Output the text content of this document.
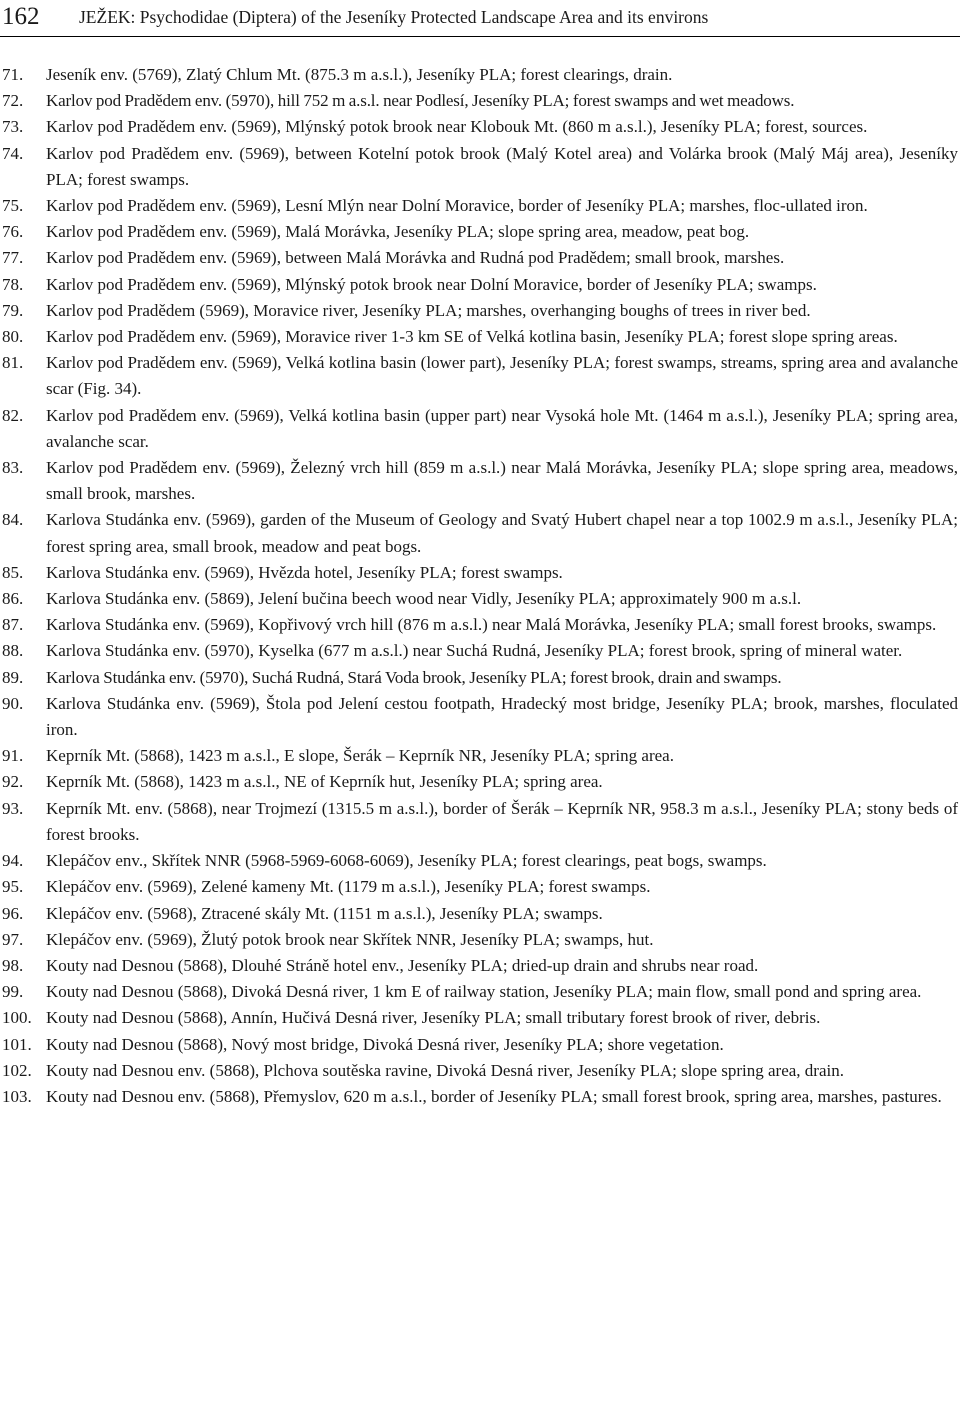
162 JEŽEK: Psychodidae (Diptera) of the Jeseníky Protected Landscape Area and its environs
71. Jeseník env. (5769), Zlatý Chlum Mt. (875.3 m a.s.l.), Jeseníky PLA; forest clearings, drain.
72. Karlov pod Pradědem env. (5970), hill 752 m a.s.l. near Podlesí, Jeseníky PLA; forest swamps and wet meadows.
73. Karlov pod Pradědem env. (5969), Mlýnský potok brook near Klobouk Mt. (860 m a.s.l.), Jeseníky PLA; forest, sources.
74. Karlov pod Pradědem env. (5969), between Kotelní potok brook (Malý Kotel area) and Volárka brook (Malý Máj area), Jeseníky PLA; forest swamps.
75. Karlov pod Pradědem env. (5969), Lesní Mlýn near Dolní Moravice, border of Jeseníky PLA; marshes, floc-ullated iron.
76. Karlov pod Pradědem env. (5969), Malá Morávka, Jeseníky PLA; slope spring area, meadow, peat bog.
77. Karlov pod Pradědem env. (5969), between Malá Morávka and Rudná pod Pradědem; small brook, marshes.
78. Karlov pod Pradědem env. (5969), Mlýnský potok brook near Dolní Moravice, border of Jeseníky PLA; swamps.
79. Karlov pod Pradědem (5969), Moravice river, Jeseníky PLA; marshes, overhanging boughs of trees in river bed.
80. Karlov pod Pradědem env. (5969), Moravice river 1-3 km SE of Velká kotlina basin, Jeseníky PLA; forest slope spring areas.
81. Karlov pod Pradědem env. (5969), Velká kotlina basin (lower part), Jeseníky PLA; forest swamps, streams, spring area and avalanche scar (Fig. 34).
82. Karlov pod Pradědem env. (5969), Velká kotlina basin (upper part) near Vysoká hole Mt. (1464 m a.s.l.), Jeseníky PLA; spring area, avalanche scar.
83. Karlov pod Pradědem env. (5969), Železný vrch hill (859 m a.s.l.) near Malá Morávka, Jeseníky PLA; slope spring area, meadows, small brook, marshes.
84. Karlova Studánka env. (5969), garden of the Museum of Geology and Svatý Hubert chapel near a top 1002.9 m a.s.l., Jeseníky PLA; forest spring area, small brook, meadow and peat bogs.
85. Karlova Studánka env. (5969), Hvězda hotel, Jeseníky PLA; forest swamps.
86. Karlova Studánka env. (5869), Jelení bučina beech wood near Vidly, Jeseníky PLA; approximately 900 m a.s.l.
87. Karlova Studánka env. (5969), Kopřivový vrch hill (876 m a.s.l.) near Malá Morávka, Jeseníky PLA; small forest brooks, swamps.
88. Karlova Studánka env. (5970), Kyselka (677 m a.s.l.) near Suchá Rudná, Jeseníky PLA; forest brook, spring of mineral water.
89. Karlova Studánka env. (5970), Suchá Rudná, Stará Voda brook, Jeseníky PLA; forest brook, drain and swamps.
90. Karlova Studánka env. (5969), Štola pod Jelení cestou footpath, Hradecký most bridge, Jeseníky PLA; brook, marshes, floculated iron.
91. Keprník Mt. (5868), 1423 m a.s.l., E slope, Šerák – Keprník NR, Jeseníky PLA; spring area.
92. Keprník Mt. (5868), 1423 m a.s.l., NE of Keprník hut, Jeseníky PLA; spring area.
93. Keprník Mt. env. (5868), near Trojmezí (1315.5 m a.s.l.), border of Šerák – Keprník NR, 958.3 m a.s.l., Jeseníky PLA; stony beds of forest brooks.
94. Klepáčov env., Skřítek NNR (5968-5969-6068-6069), Jeseníky PLA; forest clearings, peat bogs, swamps.
95. Klepáčov env. (5969), Zelené kameny Mt. (1179 m a.s.l.), Jeseníky PLA; forest swamps.
96. Klepáčov env. (5968), Ztracené skály Mt. (1151 m a.s.l.), Jeseníky PLA; swamps.
97. Klepáčov env. (5969), Žlutý potok brook near Skřítek NNR, Jeseníky PLA; swamps, hut.
98. Kouty nad Desnou (5868), Dlouhé Stráně hotel env., Jeseníky PLA; dried-up drain and shrubs near road.
99. Kouty nad Desnou (5868), Divoká Desná river, 1 km E of railway station, Jeseníky PLA; main flow, small pond and spring area.
100. Kouty nad Desnou (5868), Annín, Hučivá Desná river, Jeseníky PLA; small tributary forest brook of river, debris.
101. Kouty nad Desnou (5868), Nový most bridge, Divoká Desná river, Jeseníky PLA; shore vegetation.
102. Kouty nad Desnou env. (5868), Plchova soutěska ravine, Divoká Desná river, Jeseníky PLA; slope spring area, drain.
103. Kouty nad Desnou env. (5868), Přemyslov, 620 m a.s.l., border of Jeseníky PLA; small forest brook, spring area, marshes, pastures.
